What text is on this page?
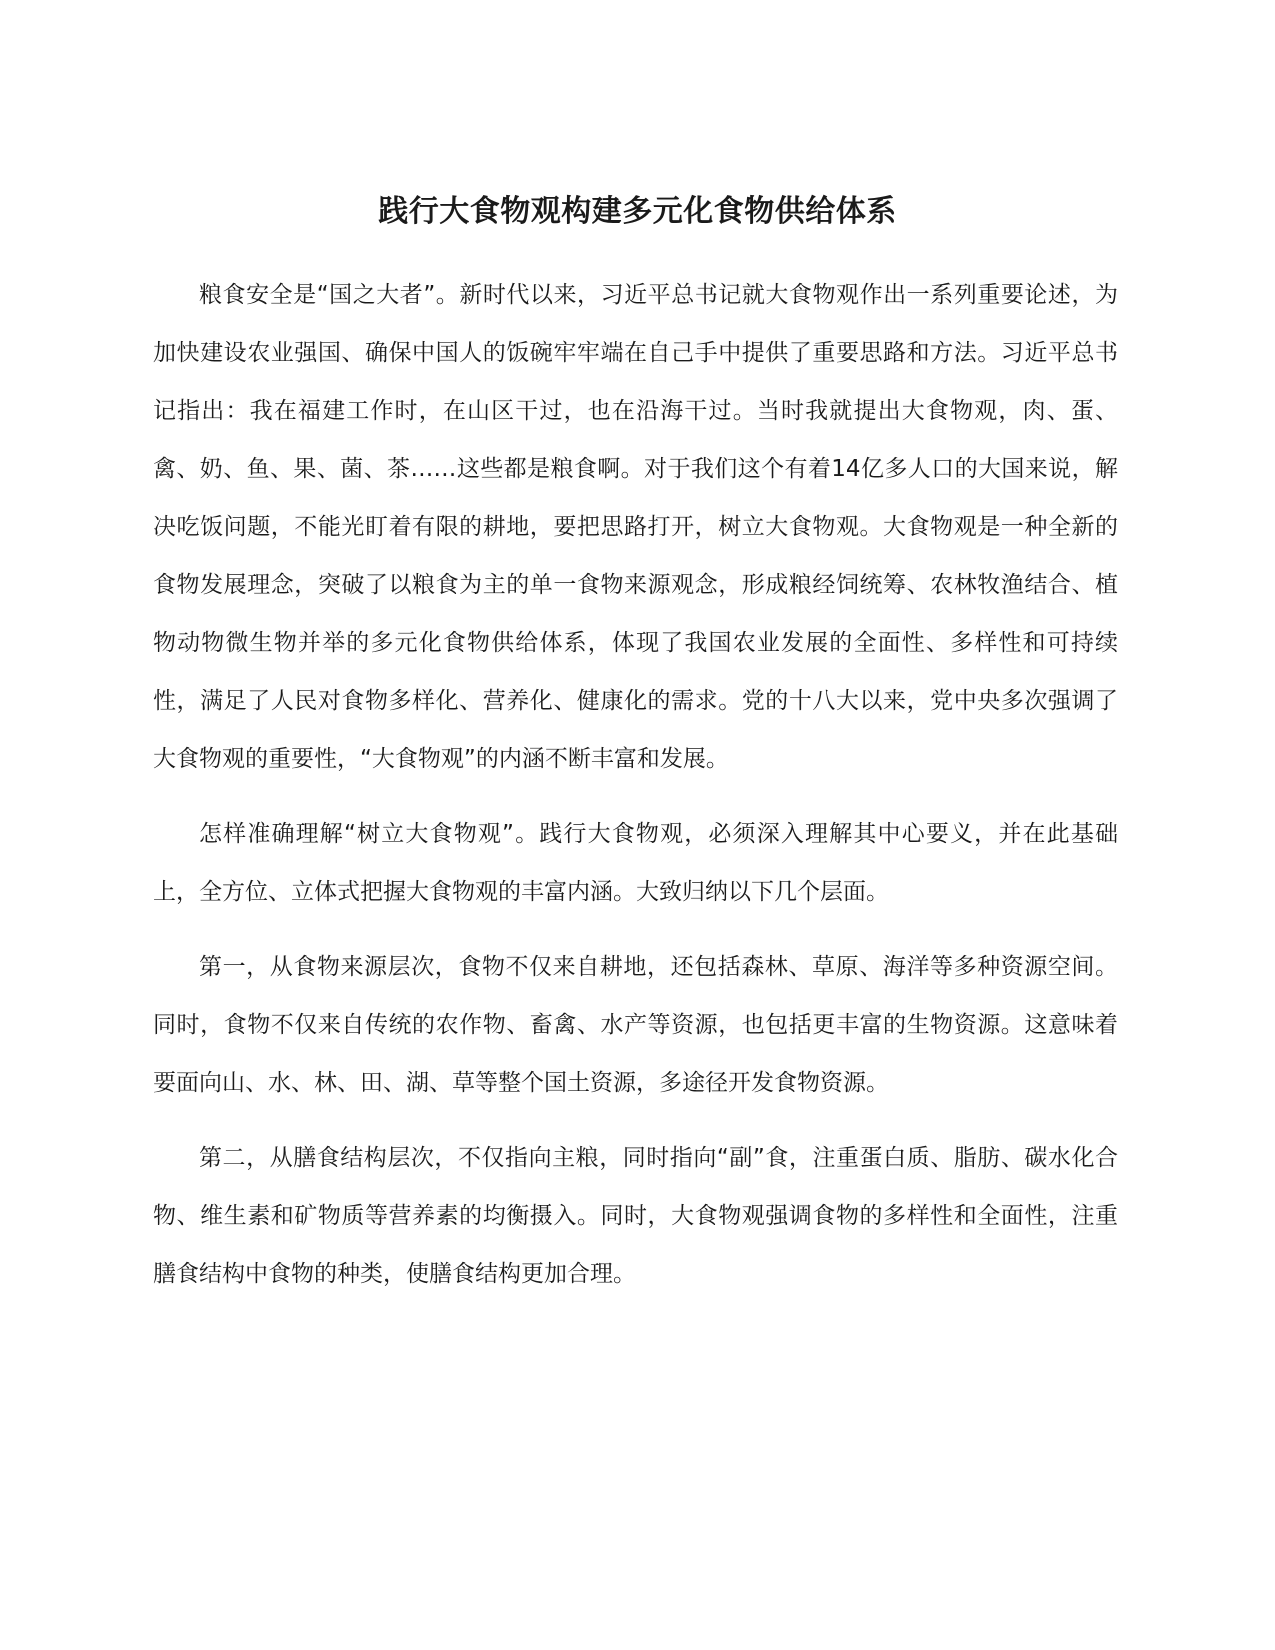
践行大食物观构建多元化食物供给体系

粮食安全是“国之大者”。新时代以来，习近平总书记就大食物观作出一系列重要论述，为加快建设农业强国、确保中国人的饭碗牢牢端在自己手中提供了重要思路和方法。习近平总书记指出：我在福建工作时，在山区干过，也在沿海干过。当时我就提出大食物观，肉、蛋、禽、奶、鱼、果、菌、茶……这些都是粮食啊。对于我们这个有着14亿多人口的大国来说，解决吃饭问题，不能光盯着有限的耕地，要把思路打开，树立大食物观。大食物观是一种全新的食物发展理念，突破了以粮食为主的单一食物来源观念，形成粮经饲统筹、农林牧渔结合、植物动物微生物并举的多元化食物供给体系，体现了我国农业发展的全面性、多样性和可持续性，满足了人民对食物多样化、营养化、健康化的需求。党的十八大以来，党中央多次强调了大食物观的重要性，“大食物观”的内涵不断丰富和发展。

怎样准确理解“树立大食物观”。践行大食物观，必须深入理解其中心要义，并在此基础上，全方位、立体式把握大食物观的丰富内涵。大致归纳以下几个层面。

第一，从食物来源层次，食物不仅来自耕地，还包括森林、草原、海洋等多种资源空间。同时，食物不仅来自传统的农作物、畜禽、水产等资源，也包括更丰富的生物资源。这意味着要面向山、水、林、田、湖、草等整个国土资源，多途径开发食物资源。

第二，从膳食结构层次，不仅指向主粮，同时指向“副”食，注重蛋白质、脂肪、碳水化合物、维生素和矿物质等营养素的均衡摄入。同时，大食物观强调食物的多样性和全面性，注重膳食结构中食物的种类，使膳食结构更加合理。
